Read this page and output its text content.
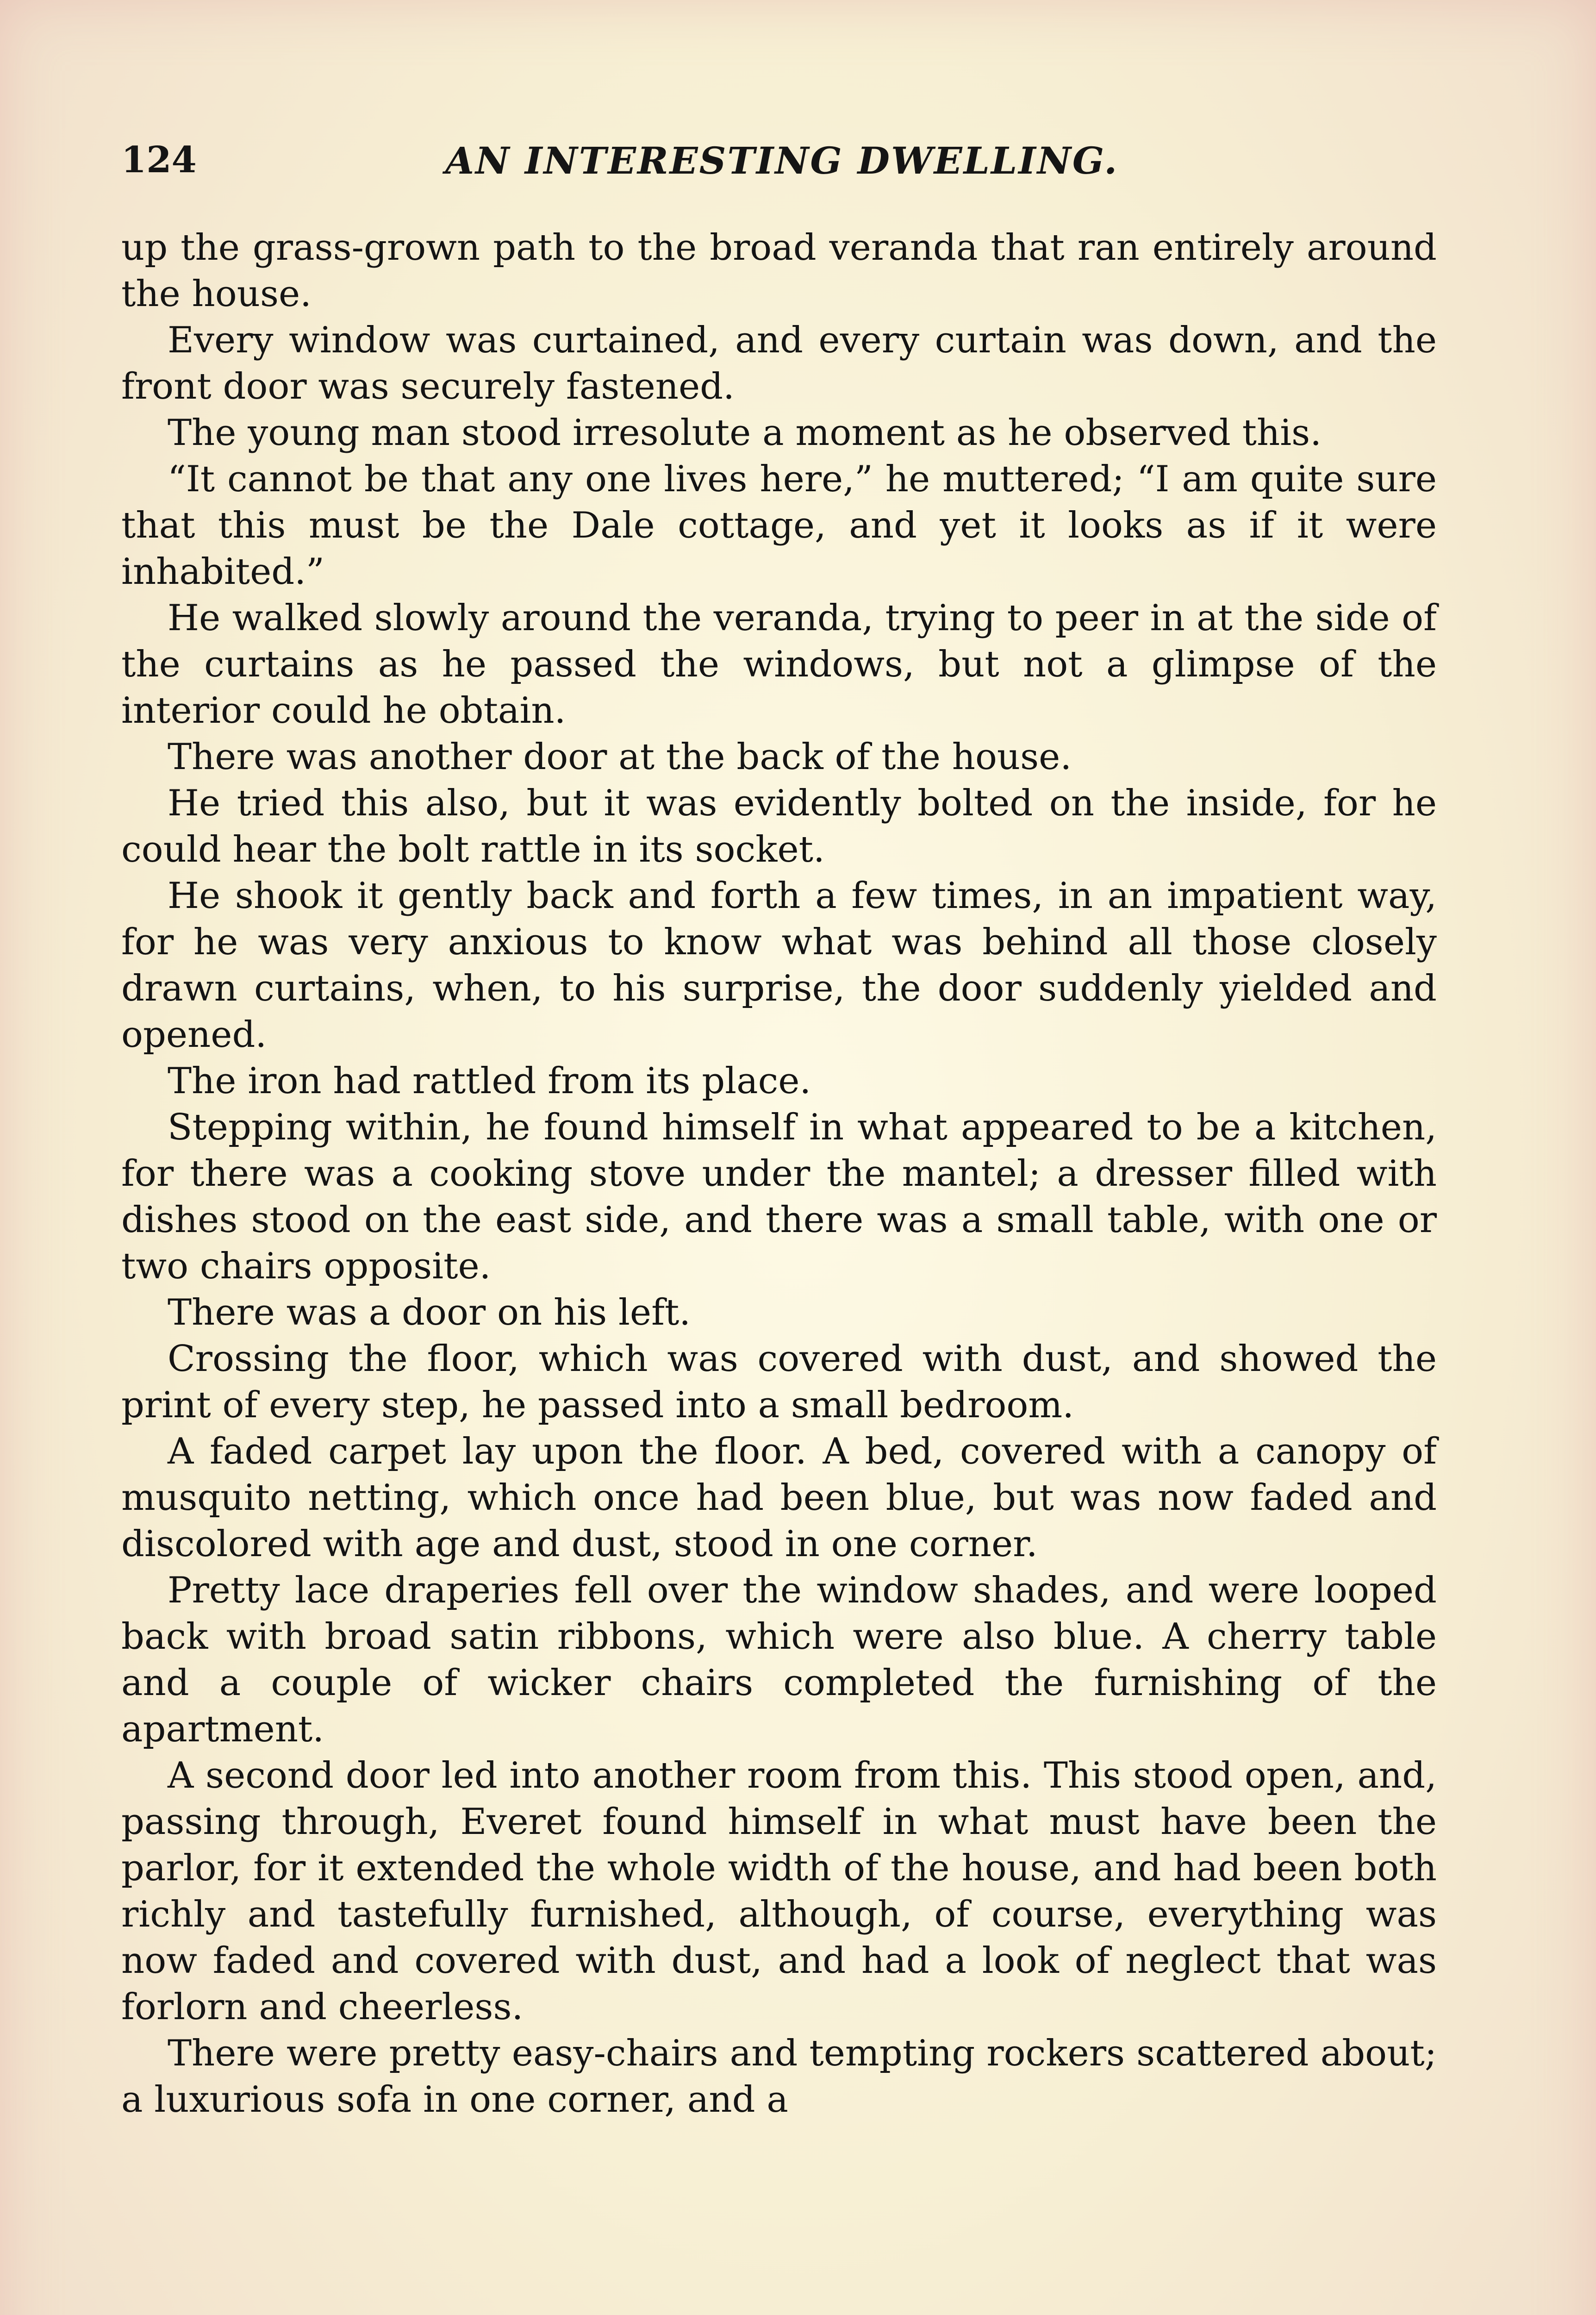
124	AN INTERESTING DWELLING.

up the grass-grown path to the broad veranda that ran entirely around the house.

Every window was curtained, and every curtain was down, and the front door was securely fastened.

The young man stood irresolute a moment as he observed this.

“It cannot be that any one lives here,” he muttered; “I am quite sure that this must be the Dale cottage, and yet it looks as if it were inhabited.”

He walked slowly around the veranda, trying to peer in at the side of the curtains as he passed the windows, but not a glimpse of the interior could he obtain.

There was another door at the back of the house.

He tried this also, but it was evidently bolted on the inside, for he could hear the bolt rattle in its socket.

He shook it gently back and forth a few times, in an impatient way, for he was very anxious to know what was behind all those closely drawn curtains, when, to his surprise, the door suddenly yielded and opened.

The iron had rattled from its place.

Stepping within, he found himself in what appeared to be a kitchen, for there was a cooking stove under the mantel; a dresser filled with dishes stood on the east side, and there was a small table, with one or two chairs opposite.

There was a door on his left.

Crossing the floor, which was covered with dust, and showed the print of every step, he passed into a small bedroom.

A faded carpet lay upon the floor. A bed, covered with a canopy of musquito netting, which once had been blue, but was now faded and discolored with age and dust, stood in one corner.

Pretty lace draperies fell over the window shades, and were looped back with broad satin ribbons, which were also blue. A cherry table and a couple of wicker chairs completed the furnishing of the apartment.

A second door led into another room from this. This stood open, and, passing through, Everet found himself in what must have been the parlor, for it extended the whole width of the house, and had been both richly and tastefully furnished, although, of course, everything was now faded and covered with dust, and had a look of neglect that was forlorn and cheerless.

There were pretty easy-chairs and tempting rockers scattered about; a luxurious sofa in one corner, and a
